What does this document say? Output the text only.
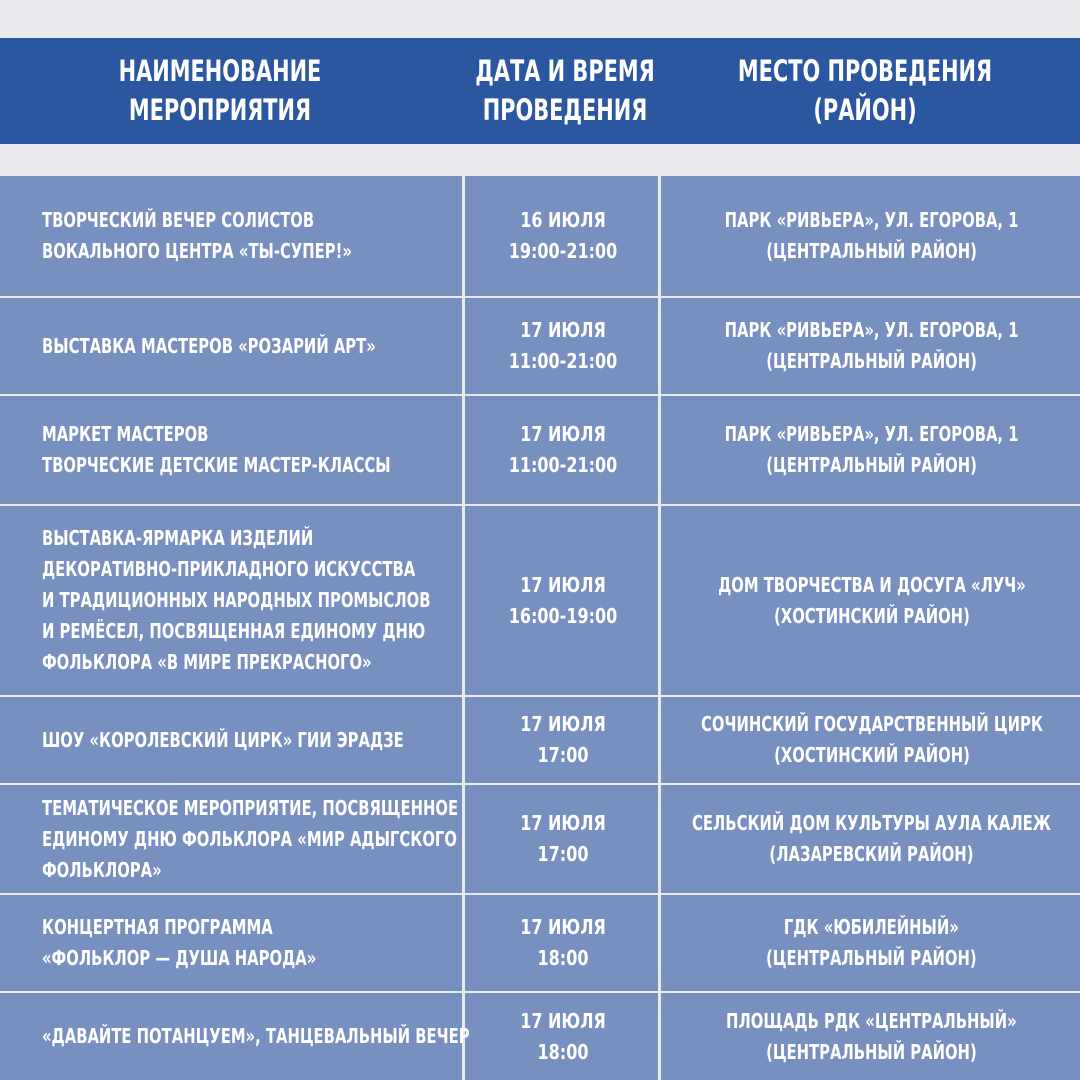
НАИМЕНОВАНИЕ
МЕРОПРИЯТИЯ
ДАТА И ВРЕМЯ
ПРОВЕДЕНИЯ
МЕСТО ПРОВЕДЕНИЯ
(РАЙОН)
ТВОРЧЕСКИЙ ВЕЧЕР СОЛИСТОВ
ВОКАЛЬНОГО ЦЕНТРА «ТЫ-СУПЕР!»
16 ИЮЛЯ
19:00-21:00
ПАРК «РИВЬЕРА», УЛ. ЕГОРОВА, 1
(ЦЕНТРАЛЬНЫЙ РАЙОН)
ВЫСТАВКА МАСТЕРОВ «РОЗАРИЙ АРТ»
17 ИЮЛЯ
11:00-21:00
ПАРК «РИВЬЕРА», УЛ. ЕГОРОВА, 1
(ЦЕНТРАЛЬНЫЙ РАЙОН)
МАРКЕТ МАСТЕРОВ
ТВОРЧЕСКИЕ ДЕТСКИЕ МАСТЕР-КЛАССЫ
17 ИЮЛЯ
11:00-21:00
ПАРК «РИВЬЕРА», УЛ. ЕГОРОВА, 1
(ЦЕНТРАЛЬНЫЙ РАЙОН)
ВЫСТАВКА-ЯРМАРКА ИЗДЕЛИЙ
ДЕКОРАТИВНО-ПРИКЛАДНОГО ИСКУССТВА
И ТРАДИЦИОННЫХ НАРОДНЫХ ПРОМЫСЛОВ
И РЕМЁСЕЛ, ПОСВЯЩЕННАЯ ЕДИНОМУ ДНЮ
ФОЛЬКЛОРА «В МИРЕ ПРЕКРАСНОГО»
17 ИЮЛЯ
16:00-19:00
ДОМ ТВОРЧЕСТВА И ДОСУГА «ЛУЧ»
(ХОСТИНСКИЙ РАЙОН)
ШОУ «КОРОЛЕВСКИЙ ЦИРК» ГИИ ЭРАДЗЕ
17 ИЮЛЯ
17:00
СОЧИНСКИЙ ГОСУДАРСТВЕННЫЙ ЦИРК
(ХОСТИНСКИЙ РАЙОН)
ТЕМАТИЧЕСКОЕ МЕРОПРИЯТИЕ, ПОСВЯЩЕННОЕ
ЕДИНОМУ ДНЮ ФОЛЬКЛОРА «МИР АДЫГСКОГО
ФОЛЬКЛОРА»
17 ИЮЛЯ
17:00
СЕЛЬСКИЙ ДОМ КУЛЬТУРЫ АУЛА КАЛЕЖ
(ЛАЗАРЕВСКИЙ РАЙОН)
КОНЦЕРТНАЯ ПРОГРАММА
«ФОЛЬКЛОР — ДУША НАРОДА»
17 ИЮЛЯ
18:00
ГДК «ЮБИЛЕЙНЫЙ»
(ЦЕНТРАЛЬНЫЙ РАЙОН)
«ДАВАЙТЕ ПОТАНЦУЕМ», ТАНЦЕВАЛЬНЫЙ ВЕЧЕР
17 ИЮЛЯ
18:00
ПЛОЩАДЬ РДК «ЦЕНТРАЛЬНЫЙ»
(ЦЕНТРАЛЬНЫЙ РАЙОН)
